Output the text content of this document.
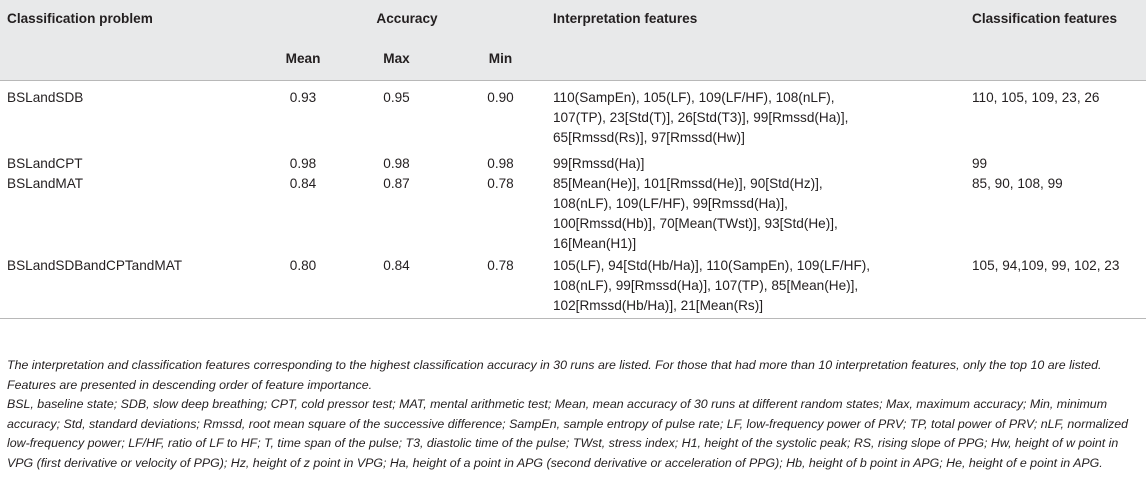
Classification problem	Accuracy			Interpretation features	Classification features
	Mean	Max	Min		
BSLandSDB	0.93	0.95	0.90	110(SampEn), 105(LF), 109(LF/HF), 108(nLF),
107(TP), 23[Std(T)], 26[Std(T3)], 99[Rmssd(Ha)],
65[Rmssd(Rs)], 97[Rmssd(Hw)]	110, 105, 109, 23, 26
BSLandCPT	0.98	0.98	0.98	99[Rmssd(Ha)]	99
BSLandMAT	0.84	0.87	0.78	85[Mean(He)], 101[Rmssd(He)], 90[Std(Hz)],
108(nLF), 109(LF/HF), 99[Rmssd(Ha)],
100[Rmssd(Hb)], 70[Mean(TWst)], 93[Std(He)],
16[Mean(H1)]	85, 90, 108, 99
BSLandSDBandCPTandMAT	0.80	0.84	0.78	105(LF), 94[Std(Hb/Ha)], 110(SampEn), 109(LF/HF),
108(nLF), 99[Rmssd(Ha)], 107(TP), 85[Mean(He)],
102[Rmssd(Hb/Ha)], 21[Mean(Rs)]	105, 94,109, 99, 102, 23

The interpretation and classification features corresponding to the highest classification accuracy in 30 runs are listed. For those that had more than 10 interpretation features, only the top 10 are listed. Features are presented in descending order of feature importance.

BSL, baseline state; SDB, slow deep breathing; CPT, cold pressor test; MAT, mental arithmetic test; Mean, mean accuracy of 30 runs at different random states; Max, maximum accuracy; Min, minimum accuracy; Std, standard deviations; Rmssd, root mean square of the successive difference; SampEn, sample entropy of pulse rate; LF, low-frequency power of PRV; TP, total power of PRV; nLF, normalized low-frequency power; LF/HF, ratio of LF to HF; T, time span of the pulse; T3, diastolic time of the pulse; TWst, stress index; H1, height of the systolic peak; RS, rising slope of PPG; Hw, height of w point in VPG (first derivative or velocity of PPG); Hz, height of z point in VPG; Ha, height of a point in APG (second derivative or acceleration of PPG); Hb, height of b point in APG; He, height of e point in APG.
